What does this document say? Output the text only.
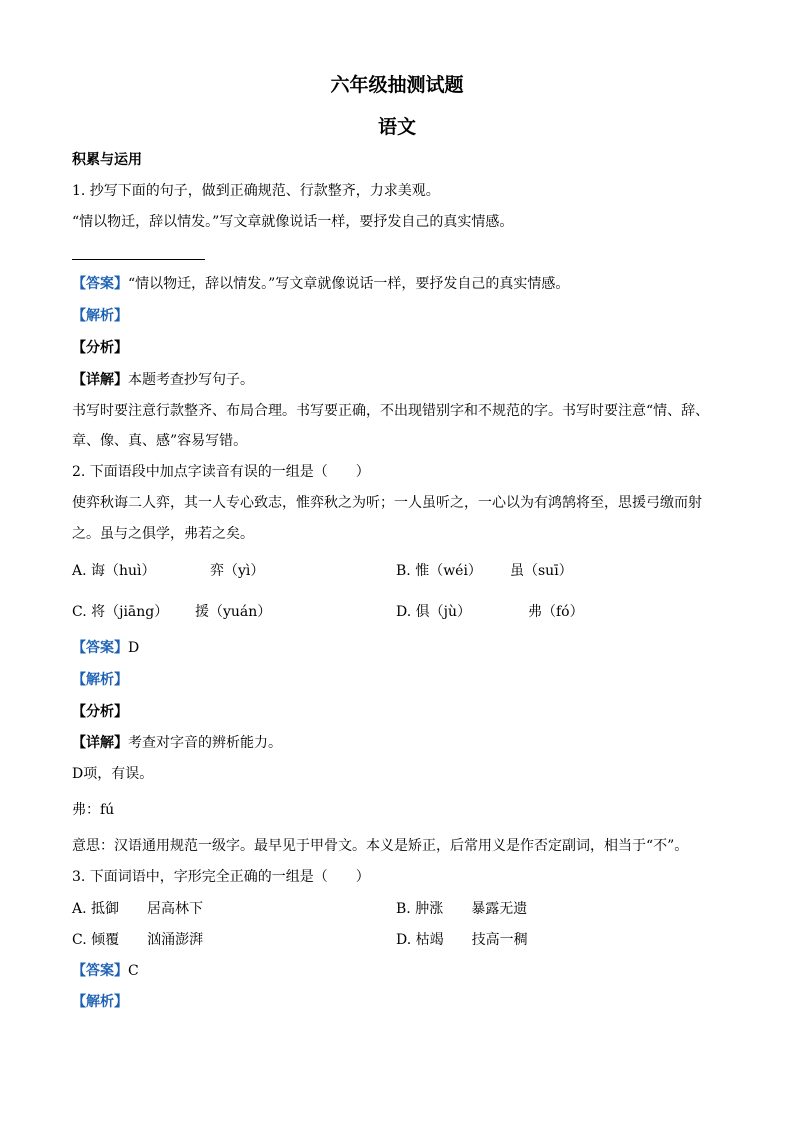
六年级抽测试题
语文
积累与运用
1. 抄写下面的句子，做到正确规范、行款整齐，力求美观。
“情以物迁，辞以情发。”写文章就像说话一样，要抒发自己的真实情感。
【答案】“情以物迁，辞以情发。”写文章就像说话一样，要抒发自己的真实情感。
【解析】
【分析】
【详解】本题考查抄写句子。
书写时要注意行款整齐、布局合理。书写要正确，不出现错别字和不规范的字。书写时要注意“情、辞、
章、像、真、感”容易写错。
2. 下面语段中加点字读音有误的一组是（　　）
使弈秋诲二人弈，其一人专心致志，惟弈秋之为听；一人虽听之，一心以为有鸿鹄将至，思援弓缴而射
之。虽与之俱学，弗若之矣。
A. 诲（huì）	弈（yì）	B. 惟（wéi） 虽（suī）
C. 将（jiāng） 援（yuán）	D. 俱（jù）	弗（fó）
【答案】D
【解析】
【分析】
【详解】考查对字音的辨析能力。
D项，有误。
弗：fú
意思：汉语通用规范一级字。最早见于甲骨文。本义是矫正，后常用义是作否定副词，相当于“不”。
3. 下面词语中，字形完全正确的一组是（　　）
A. 抵御　　居高林下	B. 肿涨　　暴露无遗
C. 倾覆　　汹涌澎湃	D. 枯竭　　技高一稠
【答案】C
【解析】
